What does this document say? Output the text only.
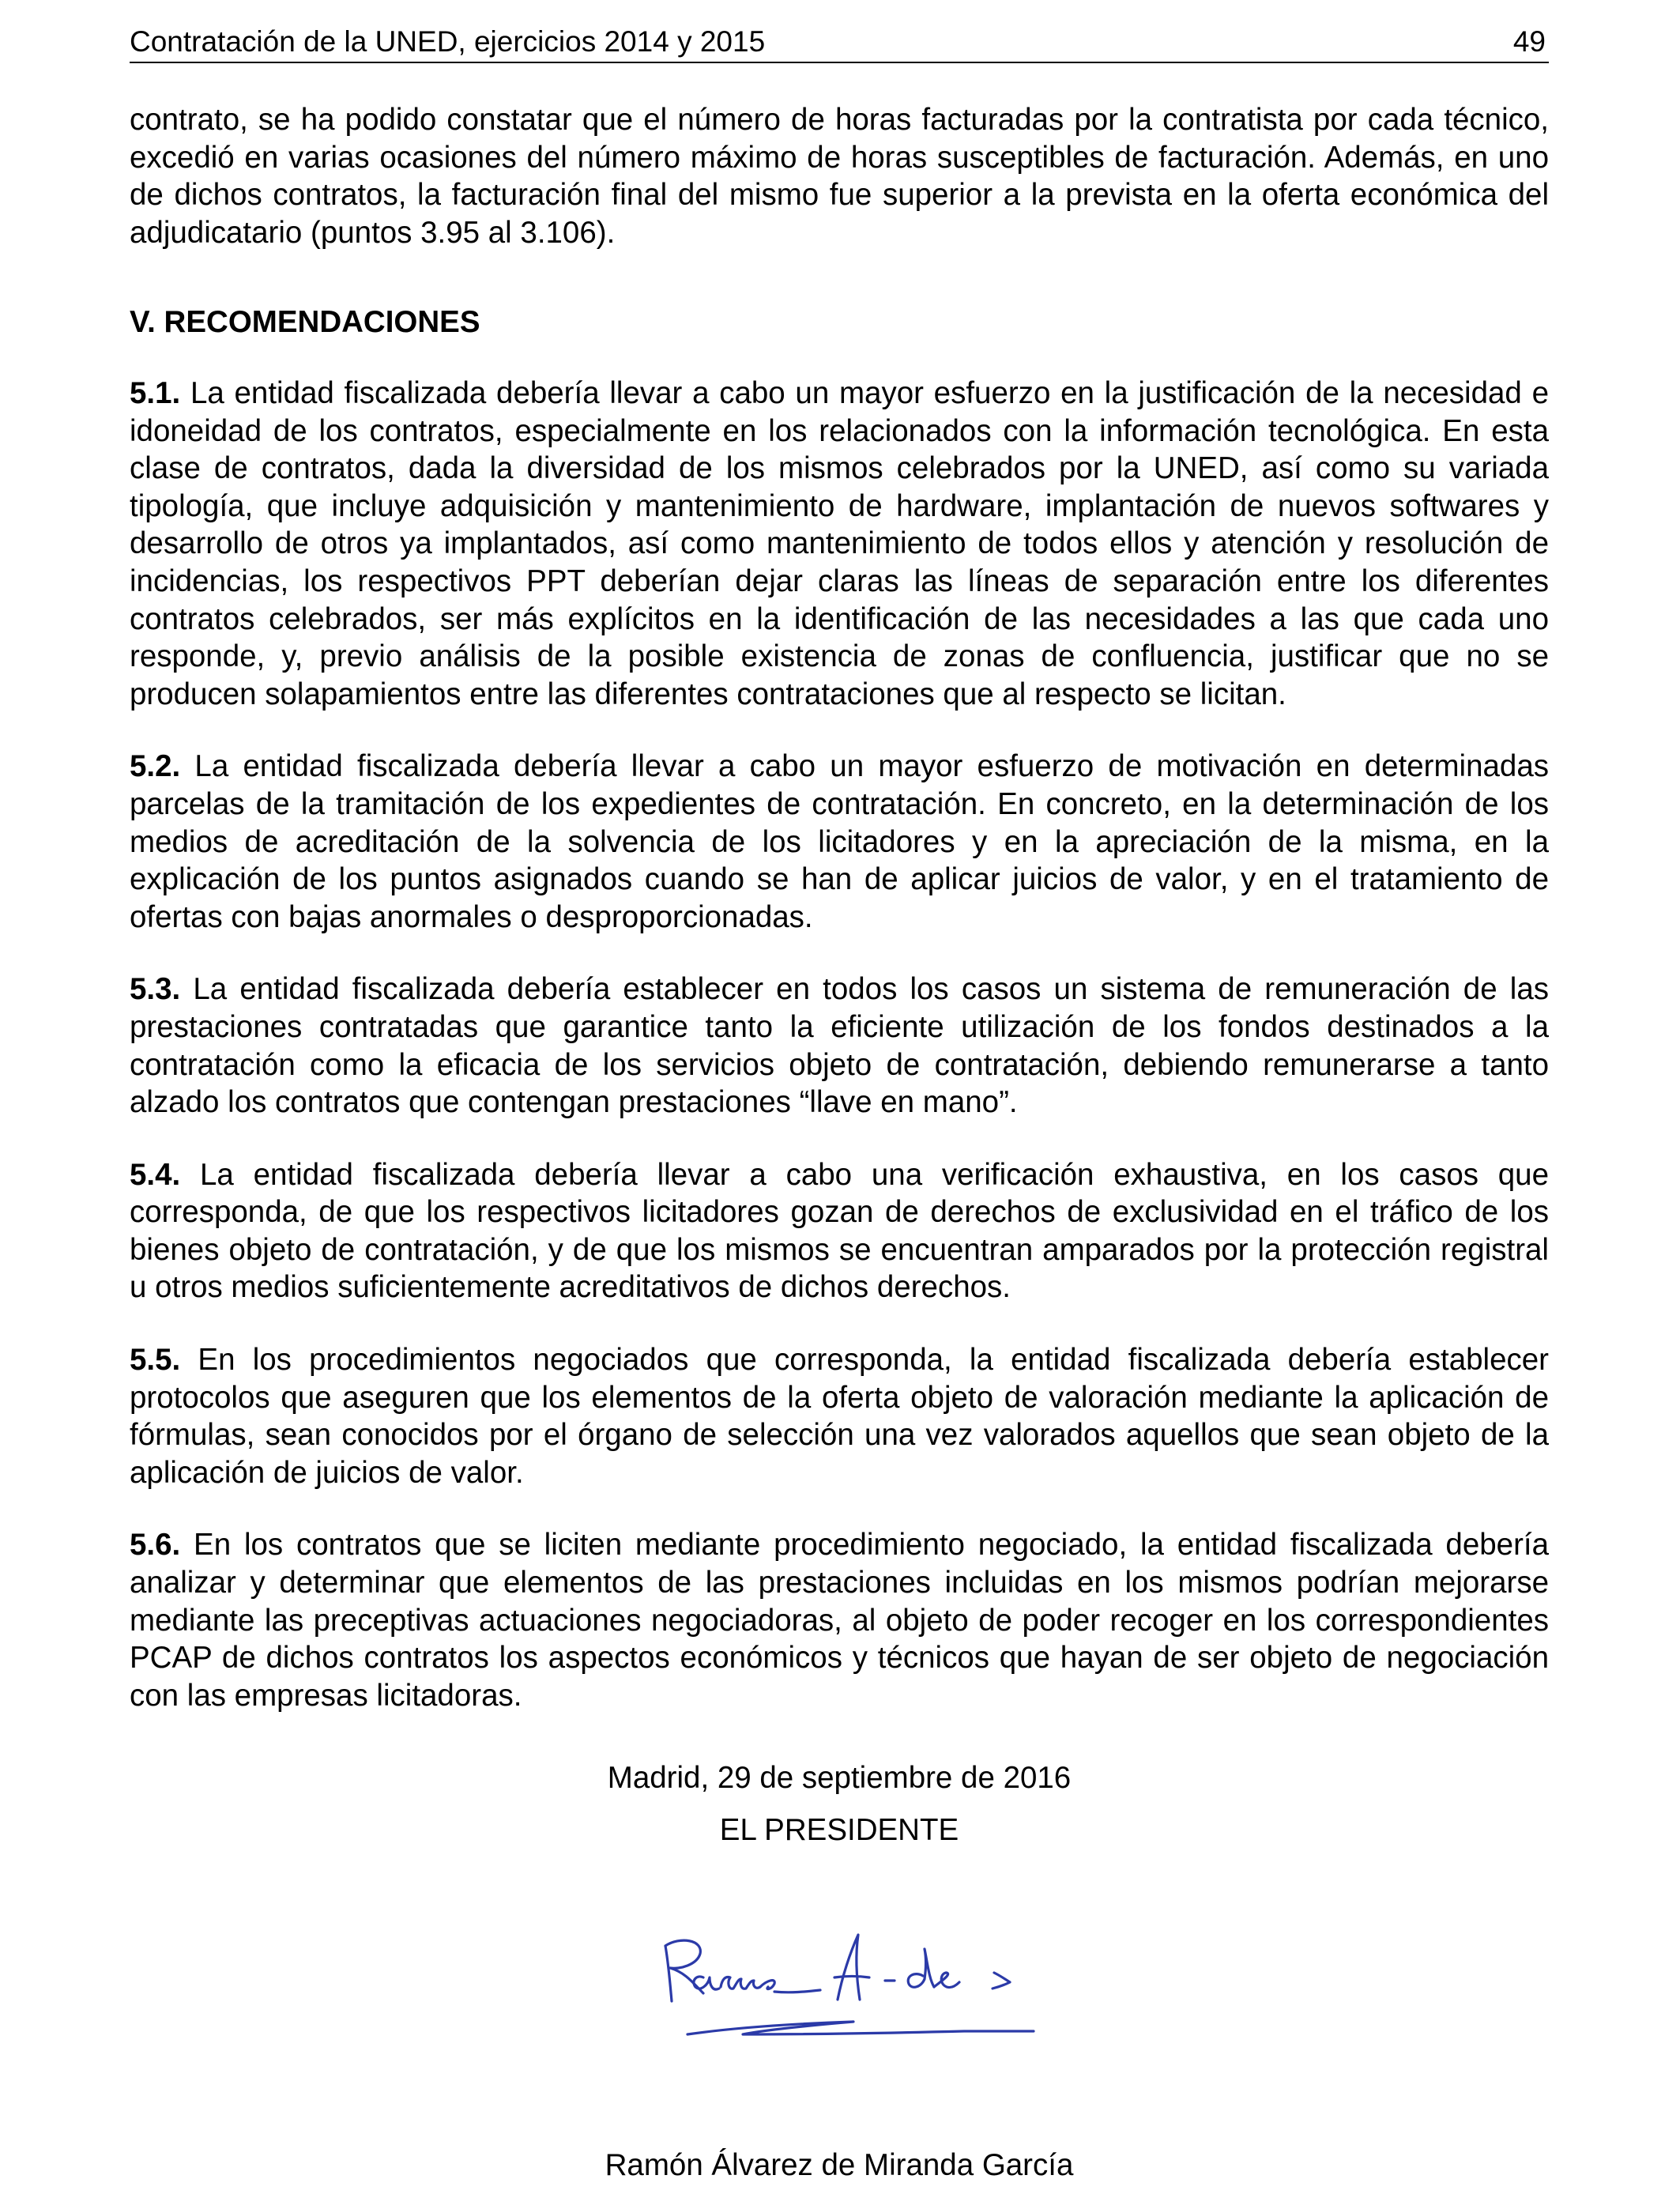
Contratación de la UNED, ejercicios 2014 y 2015	49

contrato, se ha podido constatar que el número de horas facturadas por la contratista por cada técnico, excedió en varias ocasiones del número máximo de horas susceptibles de facturación. Además, en uno de dichos contratos, la facturación final del mismo fue superior a la prevista en la oferta económica del adjudicatario (puntos 3.95 al 3.106).

V. RECOMENDACIONES

5.1. La entidad fiscalizada debería llevar a cabo un mayor esfuerzo en la justificación de la necesidad e idoneidad de los contratos, especialmente en los relacionados con la información tecnológica. En esta clase de contratos, dada la diversidad de los mismos celebrados por la UNED, así como su variada tipología, que incluye adquisición y mantenimiento de hardware, implantación de nuevos softwares y desarrollo de otros ya implantados, así como mantenimiento de todos ellos y atención y resolución de incidencias, los respectivos PPT deberían dejar claras las líneas de separación entre los diferentes contratos celebrados, ser más explícitos en la identificación de las necesidades a las que cada uno responde, y, previo análisis de la posible existencia de zonas de confluencia, justificar que no se producen solapamientos entre las diferentes contrataciones que al respecto se licitan.

5.2. La entidad fiscalizada debería llevar a cabo un mayor esfuerzo de motivación en determinadas parcelas de la tramitación de los expedientes de contratación. En concreto, en la determinación de los medios de acreditación de la solvencia de los licitadores y en la apreciación de la misma, en la explicación de los puntos asignados cuando se han de aplicar juicios de valor, y en el tratamiento de ofertas con bajas anormales o desproporcionadas.

5.3. La entidad fiscalizada debería establecer en todos los casos un sistema de remuneración de las prestaciones contratadas que garantice tanto la eficiente utilización de los fondos destinados a la contratación como la eficacia de los servicios objeto de contratación, debiendo remunerarse a tanto alzado los contratos que contengan prestaciones “llave en mano”.

5.4. La entidad fiscalizada debería llevar a cabo una verificación exhaustiva, en los casos que corresponda, de que los respectivos licitadores gozan de derechos de exclusividad en el tráfico de los bienes objeto de contratación, y de que los mismos se encuentran amparados por la protección registral u otros medios suficientemente acreditativos de dichos derechos.

5.5. En los procedimientos negociados que corresponda, la entidad fiscalizada debería establecer protocolos que aseguren que los elementos de la oferta objeto de valoración mediante la aplicación de fórmulas, sean conocidos por el órgano de selección una vez valorados aquellos que sean objeto de la aplicación de juicios de valor.

5.6. En los contratos que se liciten mediante procedimiento negociado, la entidad fiscalizada debería analizar y determinar que elementos de las prestaciones incluidas en los mismos podrían mejorarse mediante las preceptivas actuaciones negociadoras, al objeto de poder recoger en los correspondientes PCAP de dichos contratos los aspectos económicos y técnicos que hayan de ser objeto de negociación con las empresas licitadoras.

Madrid, 29 de septiembre de 2016
EL PRESIDENTE
Ramón Álvarez de Miranda García
